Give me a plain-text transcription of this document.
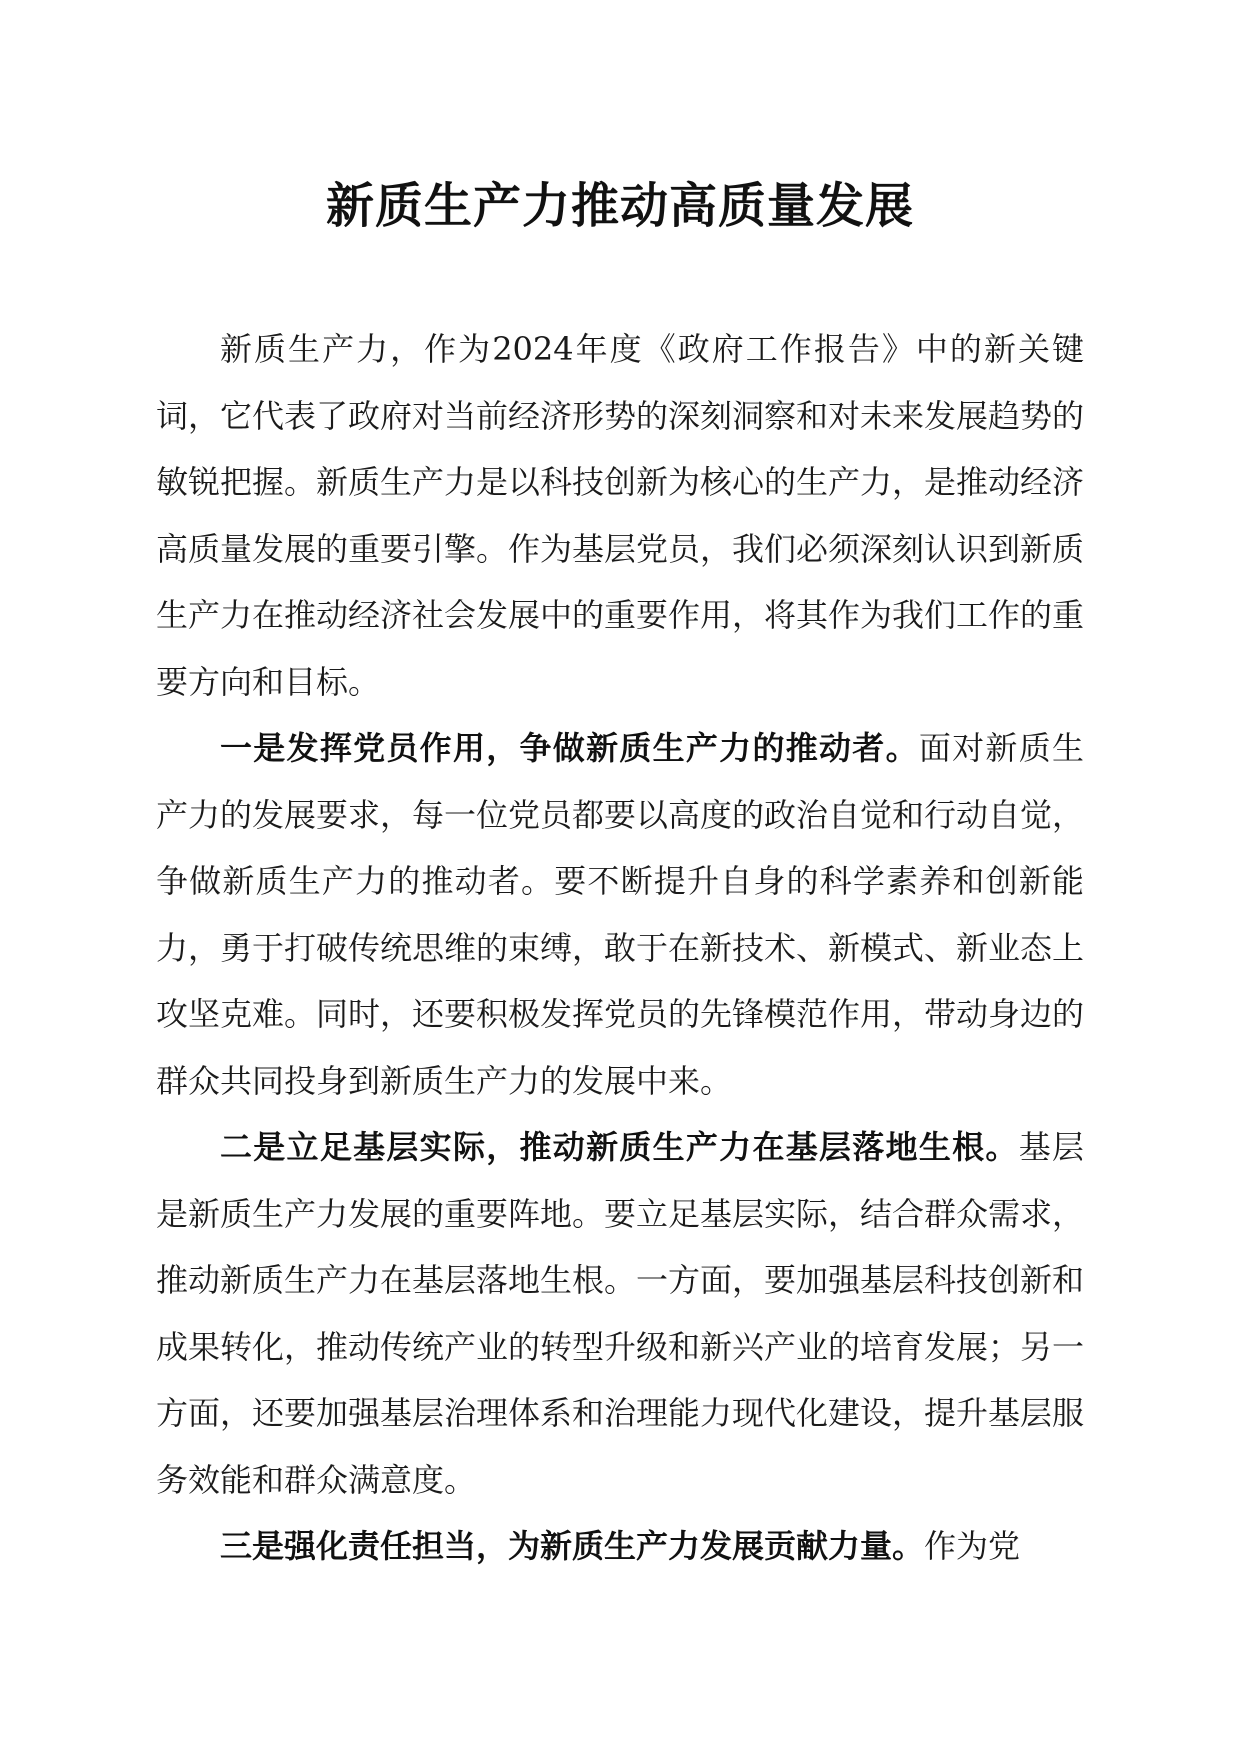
新质生产力推动高质量发展

新质生产力，作为2024年度《政府工作报告》中的新关键词，它代表了政府对当前经济形势的深刻洞察和对未来发展趋势的敏锐把握。新质生产力是以科技创新为核心的生产力，是推动经济高质量发展的重要引擎。作为基层党员，我们必须深刻认识到新质生产力在推动经济社会发展中的重要作用，将其作为我们工作的重要方向和目标。

一是发挥党员作用，争做新质生产力的推动者。面对新质生产力的发展要求，每一位党员都要以高度的政治自觉和行动自觉，争做新质生产力的推动者。要不断提升自身的科学素养和创新能力，勇于打破传统思维的束缚，敢于在新技术、新模式、新业态上攻坚克难。同时，还要积极发挥党员的先锋模范作用，带动身边的群众共同投身到新质生产力的发展中来。

二是立足基层实际，推动新质生产力在基层落地生根。基层是新质生产力发展的重要阵地。要立足基层实际，结合群众需求，推动新质生产力在基层落地生根。一方面，要加强基层科技创新和成果转化，推动传统产业的转型升级和新兴产业的培育发展；另一方面，还要加强基层治理体系和治理能力现代化建设，提升基层服务效能和群众满意度。

三是强化责任担当，为新质生产力发展贡献力量。作为党
